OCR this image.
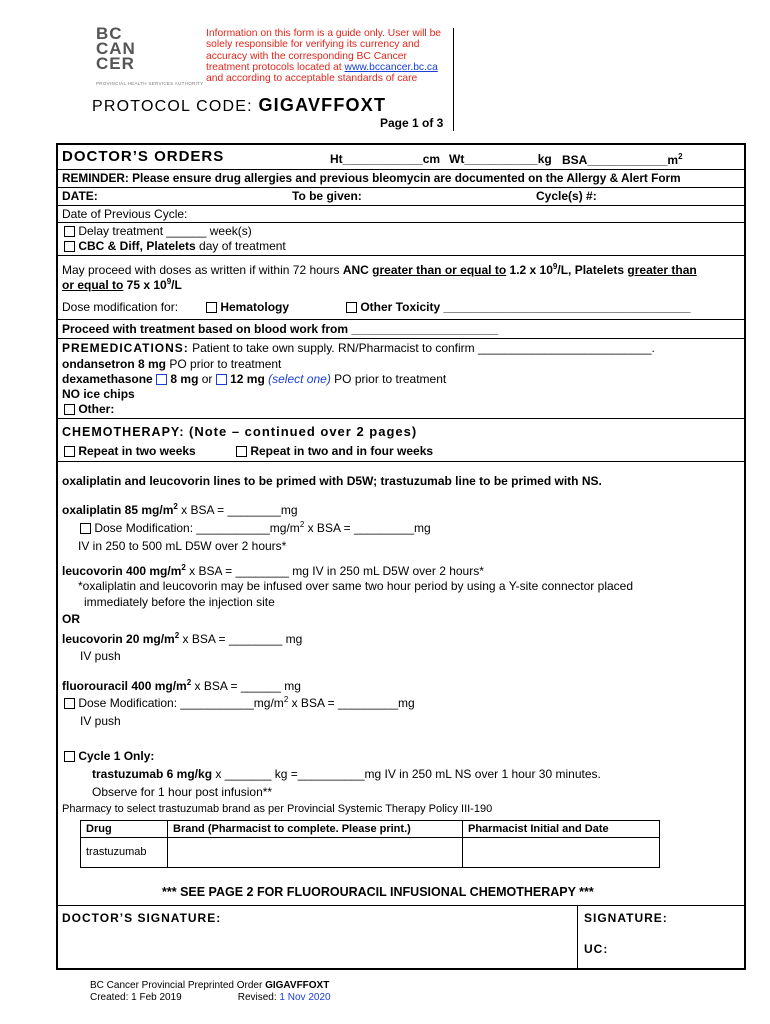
BC
CAN
CER
PROVINCIAL HEALTH SERVICES AUTHORITY
Information on this form is a guide only. User will be
solely responsible for verifying its currency and
accuracy with the corresponding BC Cancer
treatment protocols located at www.bccancer.bc.ca
and according to acceptable standards of care
PROTOCOL CODE: GIGAVFFOXT
Page 1 of 3
DOCTOR’S ORDERS	Ht____________cm Wt___________kg $BSA\_\_\_\_\_\_\_\_\_\_\_\_m^2$
REMINDER: Please ensure drug allergies and previous bleomycin are documented on the Allergy & Alert Form
DATE:	To be given:	Cycle(s) #:
Date of Previous Cycle:
Delay treatment ______ week(s)
CBC & Diff, Platelets day of treatment
May proceed with doses as written if within 72 hours ANC greater than or equal to 1.2 x $10^9/L$, Platelets greater than
or equal to 75 x $10^9/L$
Dose modification for:	Hematology	Other Toxicity _____________________________________
Proceed with treatment based on blood work from ______________________
PREMEDICATIONS: Patient to take own supply. RN/Pharmacist to confirm __________________________.
ondansetron 8 mg PO prior to treatment
dexamethasone 8 mg or  12 mg (select one) PO prior to treatment
NO ice chips
Other:
CHEMOTHERAPY: (Note – continued over 2 pages)
Repeat in two weeks	Repeat in two and in four weeks
oxaliplatin and leucovorin lines to be primed with D5W; trastuzumab line to be primed with NS.
oxaliplatin 85 $mg/m^2$ x BSA = ________mg
Dose Modification: $\_\_\_\_\_\_\_\_\_\_\_mg/m^2$ x BSA = _________mg
IV in 250 to 500 mL D5W over 2 hours*
leucovorin 400 $mg/m^2$ x BSA = ________ mg IV in 250 mL D5W over 2 hours*
*oxaliplatin and leucovorin may be infused over same two hour period by using a Y-site connector placed
immediately before the injection site
OR
leucovorin 20 $mg/m^2$ x BSA = ________ mg
IV push
fluorouracil 400 $mg/m^2$ x BSA = ______ mg
Dose Modification: $\_\_\_\_\_\_\_\_\_\_\_mg/m^2$ x BSA = _________mg
IV push
Cycle 1 Only:
trastuzumab 6 mg/kg x _______ kg =__________mg IV in 250 mL NS over 1 hour 30 minutes.
Observe for 1 hour post infusion**
Pharmacy to select trastuzumab brand as per Provincial Systemic Therapy Policy III-190
Drug	Brand (Pharmacist to complete. Please print.)	Pharmacist Initial and Date
trastuzumab		
*** SEE PAGE 2 FOR FLUOROURACIL INFUSIONAL CHEMOTHERAPY ***
DOCTOR’S SIGNATURE:	SIGNATURE:
UC:
BC Cancer Provincial Preprinted Order GIGAVFFOXT
Created: 1 Feb 2019	Revised: 1 Nov 2020
